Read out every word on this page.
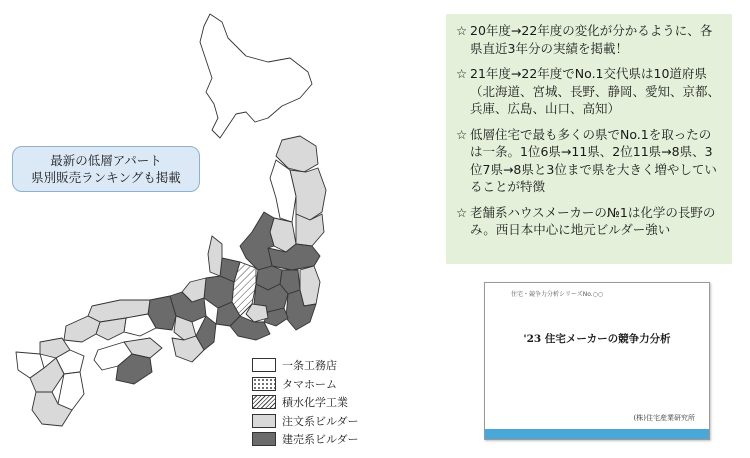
最新の低層アパート
県別販売ランキングも掲載
☆ 20年度→22年度の変化が分かるように、各県直近3年分の実績を掲載！
☆ 21年度→22年度でNo.1交代県は10道府県（北海道、宮城、長野、静岡、愛知、京都、兵庫、広島、山口、高知）
☆ 低層住宅で最も多くの県でNo.1を取ったのは一条。1位6県→11県、2位11県→8県、3位7県→8県と3位まで県を大きく増やしていることが特徴
☆ 老舗系ハウスメーカーの№1は化学の長野のみ。西日本中心に地元ビルダー強い
一条工務店
タマホーム
積水化学工業
注文系ビルダー
建売系ビルダー
住宅・競争力分析シリーズNo.○○
'23 住宅メーカーの競争力分析
(株)住宅産業研究所
